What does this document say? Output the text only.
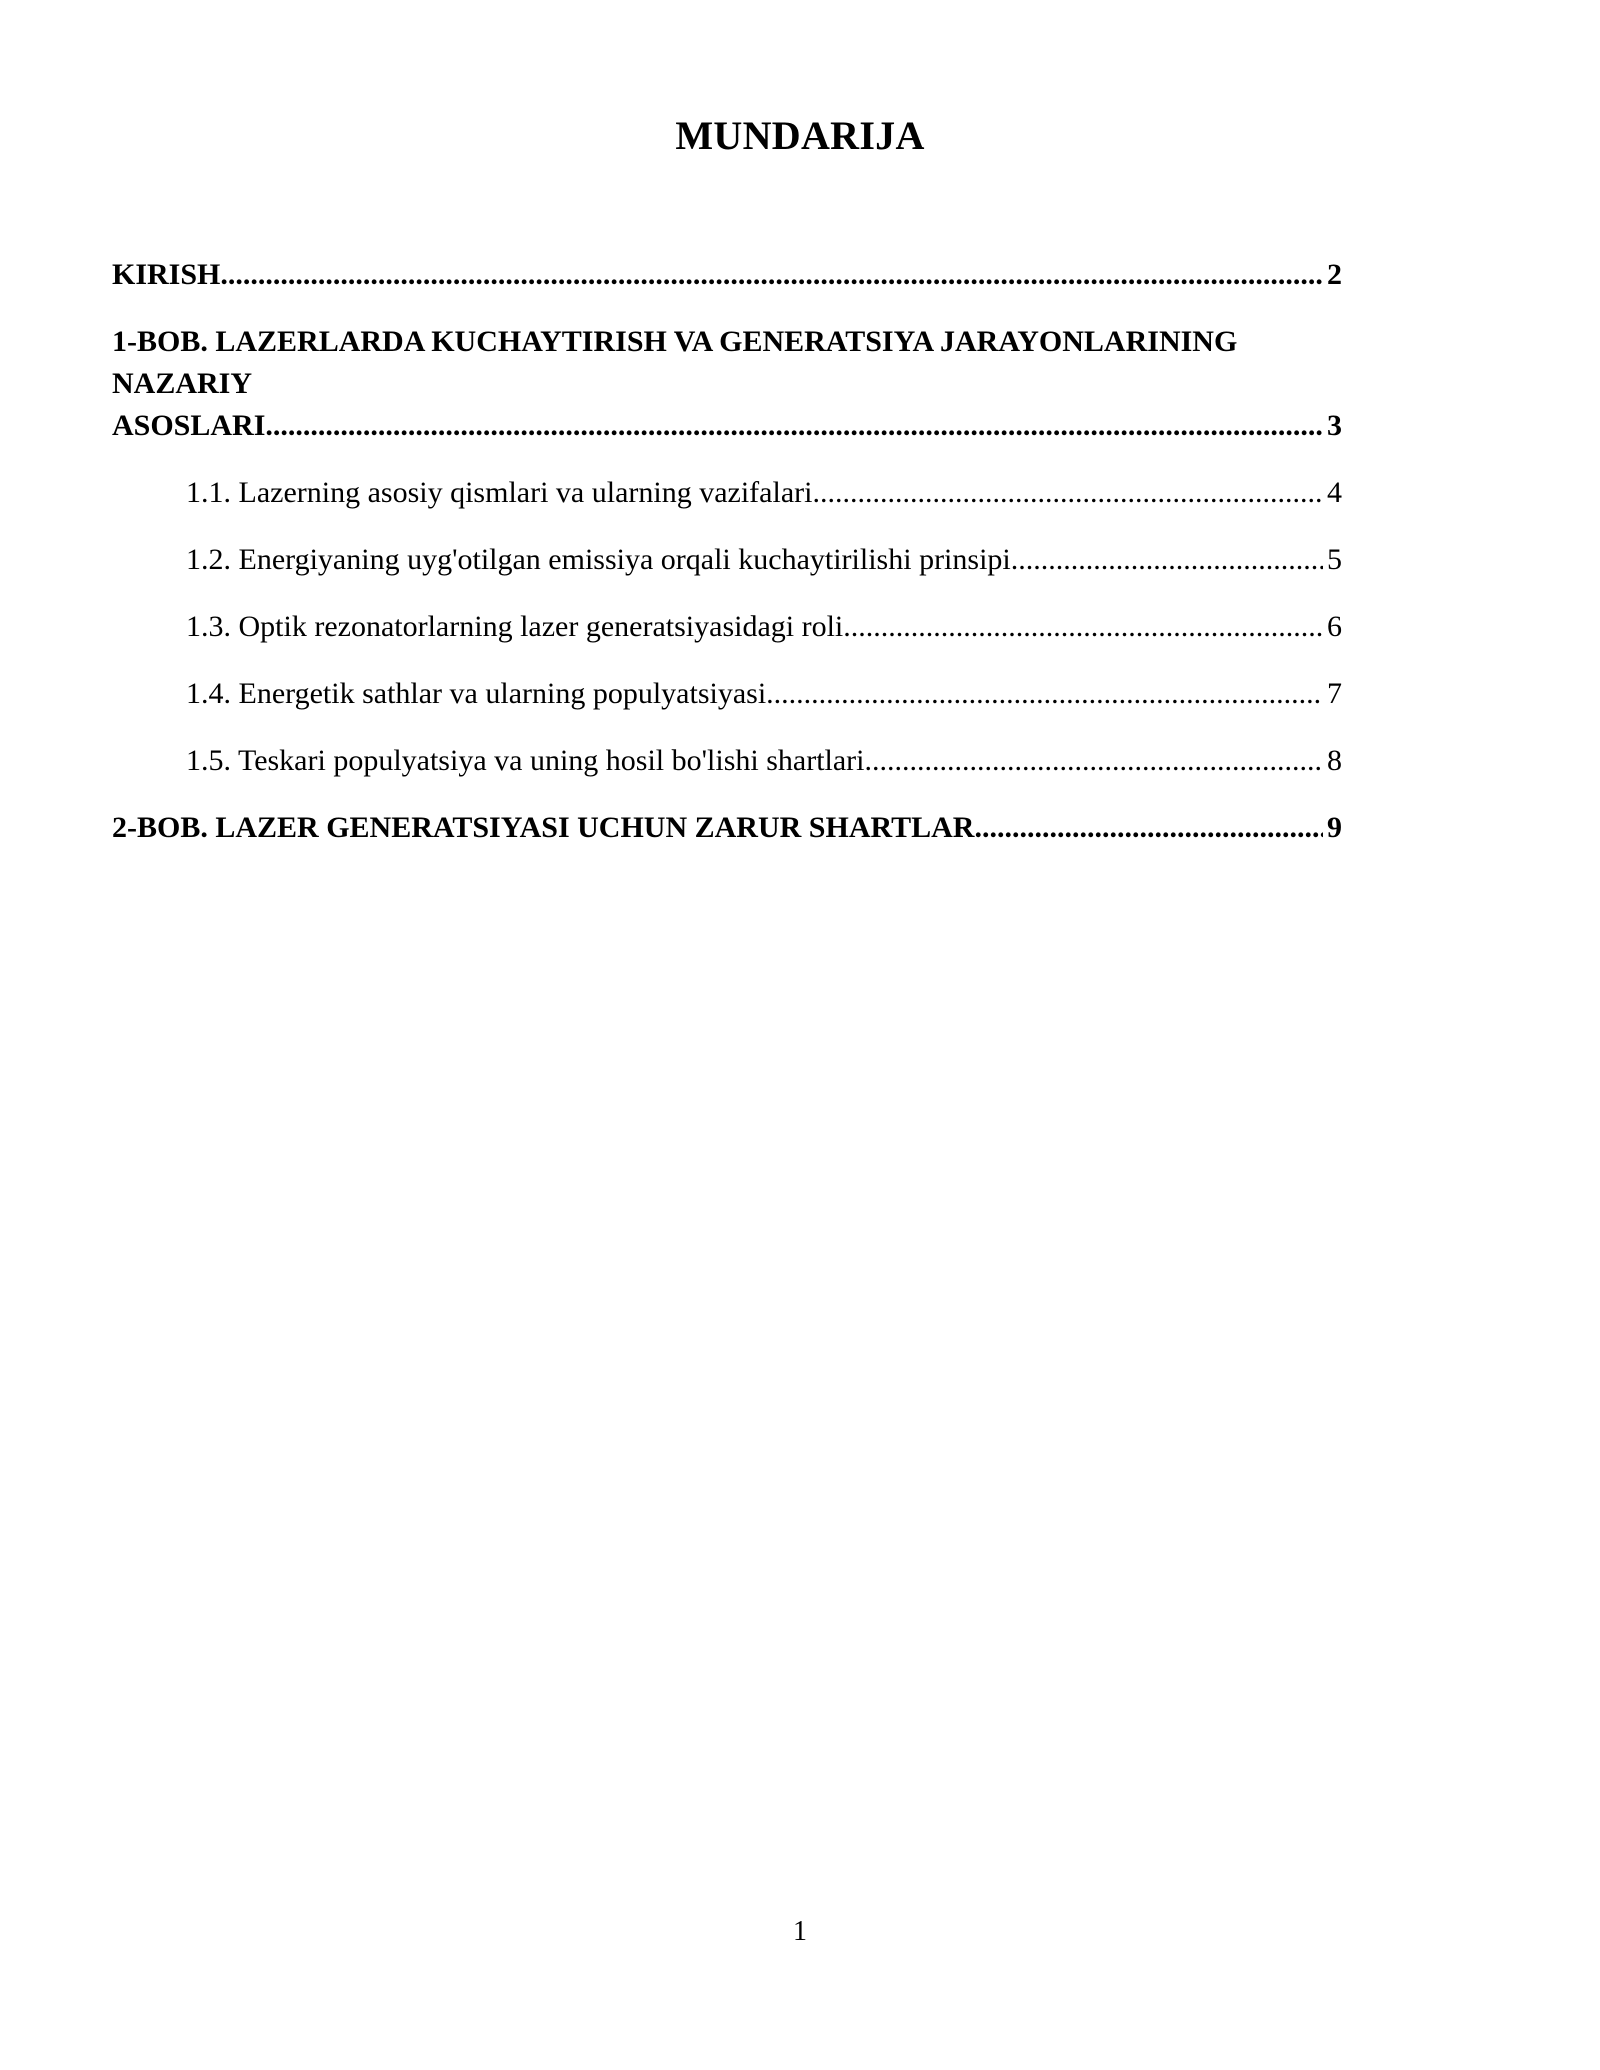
MUNDARIJA
KIRISH .....	2
1-BOB. LAZERLARDA KUCHAYTIRISH VA GENERATSIYA JARAYONLARINING NAZARIY
ASOSLARI .....	3
1.1. Lazerning asosiy qismlari va ularning vazifalari .....	4
1.2. Energiyaning uyg'otilgan emissiya orqali kuchaytirilishi prinsipi .....	5
1.3. Optik rezonatorlarning lazer generatsiyasidagi roli .....	6
1.4. Energetik sathlar va ularning populyatsiyasi .....	7
1.5. Teskari populyatsiya va uning hosil bo'lishi shartlari .....	8
2-BOB. LAZER GENERATSIYASI UCHUN ZARUR SHARTLAR .....	9
1
